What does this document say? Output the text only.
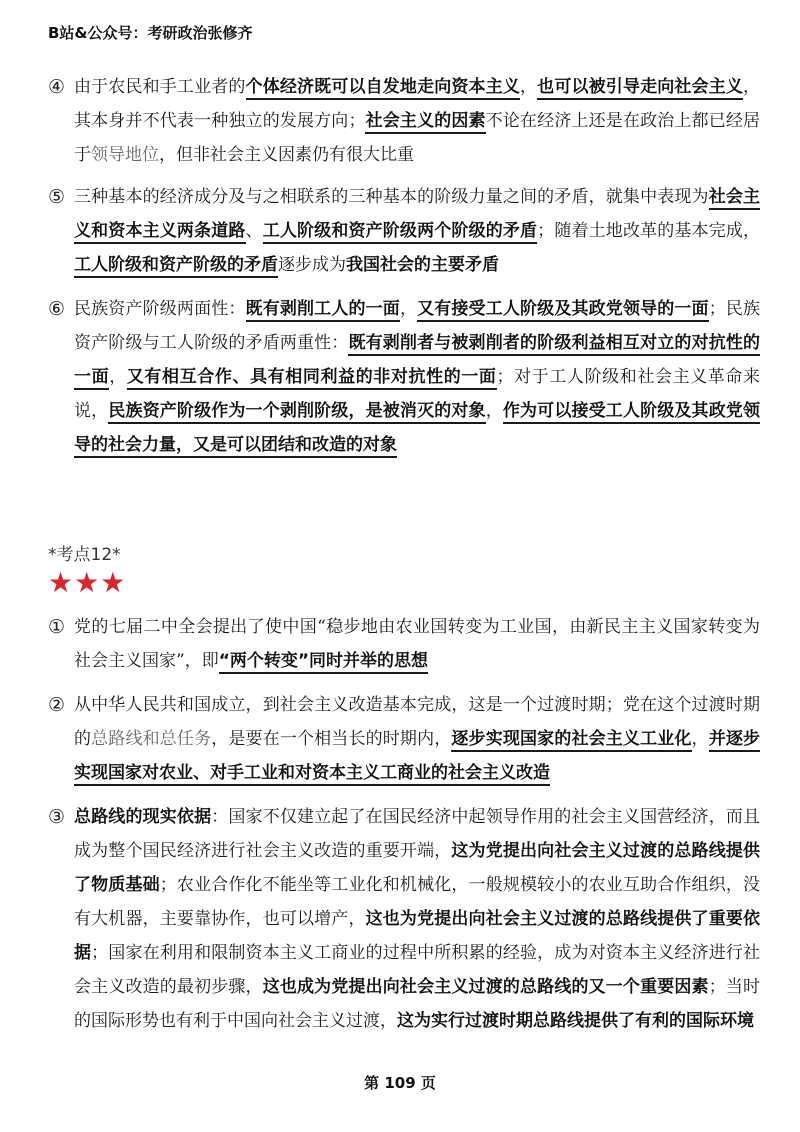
B站&公众号：考研政治张修齐
④ 由于农民和手工业者的个体经济既可以自发地走向资本主义，也可以被引导走向社会主义，其本身并不代表一种独立的发展方向；社会主义的因素不论在经济上还是在政治上都已经居于领导地位，但非社会主义因素仍有很大比重
⑤ 三种基本的经济成分及与之相联系的三种基本的阶级力量之间的矛盾，就集中表现为社会主义和资本主义两条道路、工人阶级和资产阶级两个阶级的矛盾；随着土地改革的基本完成，工人阶级和资产阶级的矛盾逐步成为我国社会的主要矛盾
⑥ 民族资产阶级两面性：既有剥削工人的一面，又有接受工人阶级及其政党领导的一面；民族资产阶级与工人阶级的矛盾两重性：既有剥削者与被剥削者的阶级利益相互对立的对抗性的一面，又有相互合作、具有相同利益的非对抗性的一面；对于工人阶级和社会主义革命来说，民族资产阶级作为一个剥削阶级，是被消灭的对象，作为可以接受工人阶级及其政党领导的社会力量，又是可以团结和改造的对象
*考点12*
★★★
① 党的七届二中全会提出了使中国“稳步地由农业国转变为工业国，由新民主主义国家转变为社会主义国家”，即“两个转变”同时并举的思想
② 从中华人民共和国成立，到社会主义改造基本完成，这是一个过渡时期；党在这个过渡时期的总路线和总任务，是要在一个相当长的时期内，逐步实现国家的社会主义工业化，并逐步实现国家对农业、对手工业和对资本主义工商业的社会主义改造
③ 总路线的现实依据：国家不仅建立起了在国民经济中起领导作用的社会主义国营经济，而且成为整个国民经济进行社会主义改造的重要开端，这为党提出向社会主义过渡的总路线提供了物质基础；农业合作化不能坐等工业化和机械化，一般规模较小的农业互助合作组织，没有大机器，主要靠协作，也可以增产，这也为党提出向社会主义过渡的总路线提供了重要依据；国家在利用和限制资本主义工商业的过程中所积累的经验，成为对资本主义经济进行社会主义改造的最初步骤，这也成为党提出向社会主义过渡的总路线的又一个重要因素；当时的国际形势也有利于中国向社会主义过渡，这为实行过渡时期总路线提供了有利的国际环境
第 109 页
